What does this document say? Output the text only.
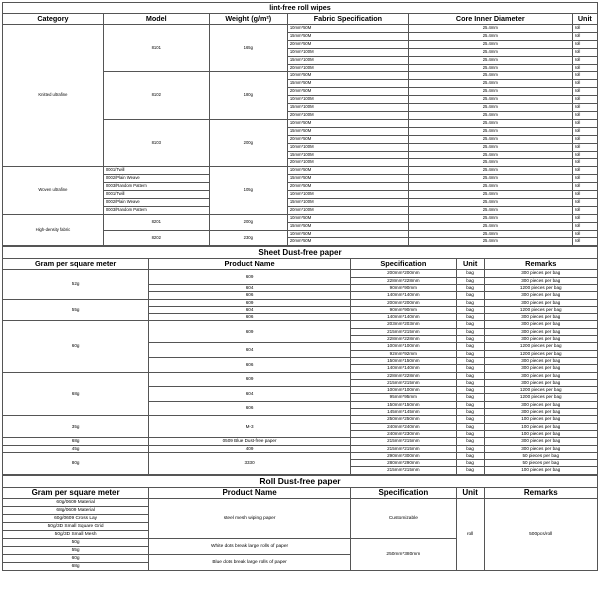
lint-free roll wipes					
Category	Model	Weight (g/m²)	Fabric Specification	Core Inner Diameter	Unit
Knitted ultrafine	8101	165g	10mm*50M	25.4mm	roll
			15mm*50M	25.4mm	roll
			20mm*50M	25.4mm	roll
			10mm*100M	25.4mm	roll
			15mm*100M	25.4mm	roll
			20mm*100M	25.4mm	roll
	8102	180g	10mm*50M	25.4mm	roll
			15mm*50M	25.4mm	roll
			20mm*50M	25.4mm	roll
			10mm*100M	25.4mm	roll
			15mm*100M	25.4mm	roll
			20mm*100M	25.4mm	roll
	8103	200g	10mm*50M	25.4mm	roll
			15mm*50M	25.4mm	roll
			20mm*50M	25.4mm	roll
			10mm*100M	25.4mm	roll
			15mm*100M	25.4mm	roll
			20mm*100M	25.4mm	roll
Woven ultrafine	0001/Twill	105g	10mm*50M	25.4mm	roll
	0002/Plain Weave		15mm*50M	25.4mm	roll
	0003/Random Pattern		20mm*50M	25.4mm	roll
	0001/Twill		10mm*100M	25.4mm	roll
	0002/Plain Weave		15mm*100M	25.4mm	roll
	0003/Random Pattern		20mm*100M	25.4mm	roll
High-density fabric	8201	200g	10mm*50M	25.4mm	roll
			15mm*50M	25.4mm	roll
	8202	230g	10mm*50M	25.4mm	roll
			20mm*50M	25.4mm	roll
Sheet Dust-free paper				
Gram per square meter	Product Name	Specification	Unit	Remarks
52g	609	200mm*200mm	bag	300 pieces per bag
		228mm*228mm	bag	300 pieces per bag
	604	90mm*90mm	bag	1200 pieces per bag
	606	140mm*140mm	bag	300 pieces per bag
55g	609	200mm*200mm	bag	300 pieces per bag
	604	90mm*90mm	bag	1200 pieces per bag
	606	140mm*140mm	bag	300 pieces per bag
60g	609	203mm*203mm	bag	300 pieces per bag
		215mm*215mm	bag	300 pieces per bag
		228mm*228mm	bag	300 pieces per bag
	604	100mm*100mm	bag	1200 pieces per bag
		92mm*92mm	bag	1200 pieces per bag
	606	150mm*150mm	bag	300 pieces per bag
		140mm*140mm	bag	300 pieces per bag
68g	609	228mm*228mm	bag	300 pieces per bag
		215mm*215mm	bag	300 pieces per bag
	604	100mm*100mm	bag	1200 pieces per bag
		95mm*95mm	bag	1200 pieces per bag
	606	150mm*150mm	bag	300 pieces per bag
		145mm*145mm	bag	300 pieces per bag
35g	M-3	250mm*250mm	bag	100 pieces per bag
		240mm*240mm	bag	100 pieces per bag
		240mm*230mm	bag	100 pieces per bag
68g	0509 Blue Dust-free paper	215mm*215mm	bag	300 pieces per bag
45g	409	215mm*215mm	bag	300 pieces per bag
80g	3330	290mm*300mm	bag	50 pieces per bag
		280mm*290mm	bag	50 pieces per bag
		215mm*215mm	bag	100 pieces per bag
Roll Dust-free paper				
Gram per square meter	Product Name	Specification	Unit	Remarks
60g/0609 Material	steel mesh wiping paper	Customizable	roll	500pcs/roll
68g/0609 Material				
60g/0609 Cross Lay				
50g/3D Small Square Grid				
50g/3D Small Mesh				
50g	White dots break large rolls of paper	250mm*380mm		
55g				
60g	Blue dots break large rolls of paper			
68g				
